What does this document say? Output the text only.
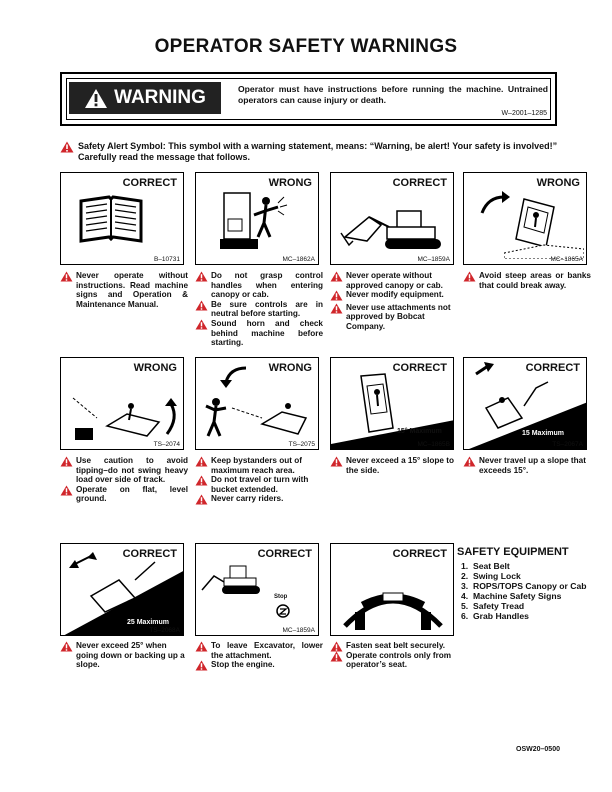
OPERATOR SAFETY WARNINGS
WARNING	Operator must have instructions before running the machine. Untrained operators can cause injury or death.
W–2001–1285
Safety Alert Symbol: This symbol with a warning statement, means: “Warning, be alert! Your safety is involved!” Carefully read the message that follows.
CORRECT
B–10731
WRONG
MC–1862A
CORRECT
MC–1859A
WRONG
MC–1865A
Never operate without instructions. Read machine signs and Operation & Maintenance Manual.
Do not grasp control handles when entering canopy or cab.
Be sure controls are in neutral before starting.
Sound horn and check behind machine before starting.
Never operate without approved canopy or cab.
Never modify equipment.
Never use attachments not approved by Bobcat Company.
Avoid steep areas or banks that could break away.
WRONG
TS–2074
WRONG
TS–2075
CORRECT
15° Maximum
MC–1865B
CORRECT
15 Maximum
TS–2067A
Use caution to avoid tipping–do not swing heavy load over side of track.
Operate on flat, level ground.
Keep bystanders out of maximum reach area.
Do not travel or turn with bucket extended.
Never carry riders.
Never exceed a 15° slope to the side.
Never travel up a slope that exceeds 15°.
CORRECT
25 Maximum
TS–2068A
CORRECT
Stop
MC–1859A
CORRECT
Never exceed 25° when going down or backing up a slope.
To leave Excavator, lower the attachment.
Stop the engine.
Fasten seat belt securely.
Operate controls only from operator’s seat.
SAFETY EQUIPMENT
1. Seat Belt
2. Swing Lock
3. ROPS/TOPS Canopy or Cab
4. Machine Safety Signs
5. Safety Tread
6. Grab Handles
OSW20–0500
